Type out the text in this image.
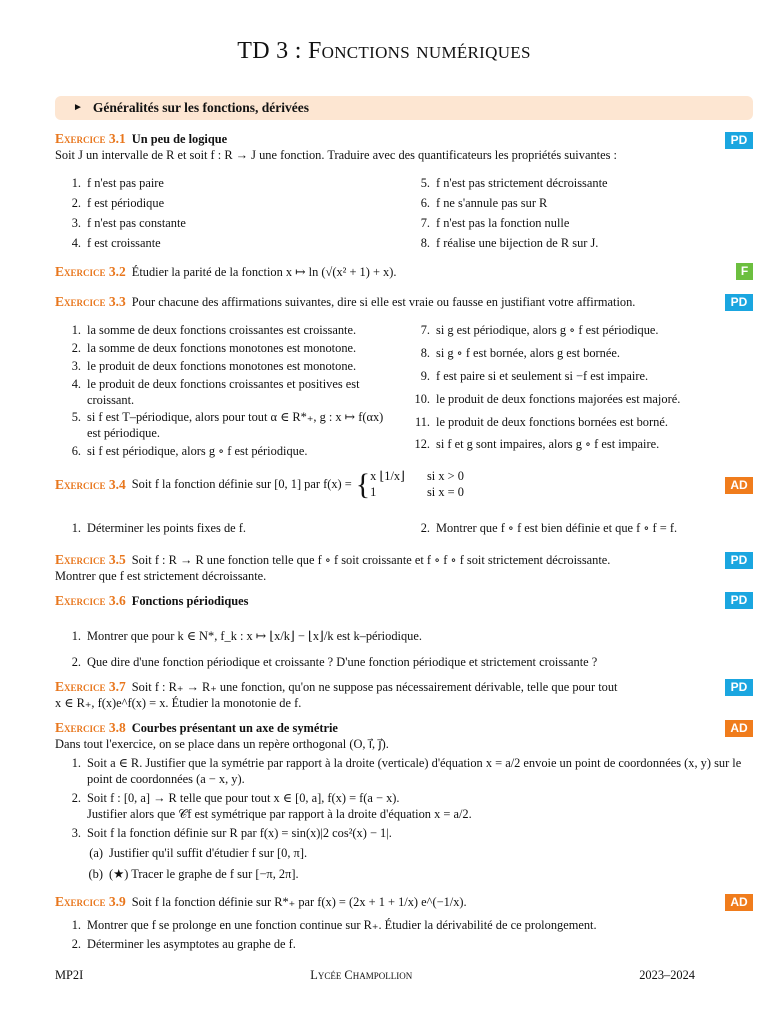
TD 3 : Fonctions numériques
► Généralités sur les fonctions, dérivées
Exercice 3.1 Un peu de logique
Soit J un intervalle de R et soit f : R → J une fonction. Traduire avec des quantificateurs les propriétés suivantes :
PD
1. f n'est pas paire
2. f est périodique
3. f n'est pas constante
4. f est croissante
5. f n'est pas strictement décroissante
6. f ne s'annule pas sur R
7. f n'est pas la fonction nulle
8. f réalise une bijection de R sur J.
Exercice 3.2 Étudier la parité de la fonction x ↦ ln (√(x² + 1) + x).	F
Exercice 3.3 Pour chacune des affirmations suivantes, dire si elle est vraie ou fausse en justifiant votre affirmation.	PD
1. la somme de deux fonctions croissantes est croissante.
2. la somme de deux fonctions monotones est monotone.
3. le produit de deux fonctions monotones est monotone.
4. le produit de deux fonctions croissantes et positives est croissant.
5. si f est T–périodique, alors pour tout α ∈ R*₊, g : x ↦ f(αx) est périodique.
6. si f est périodique, alors g ∘ f est périodique.
7. si g est périodique, alors g ∘ f est périodique.
8. si g ∘ f est bornée, alors g est bornée.
9. f est paire si et seulement si −f est impaire.
10. le produit de deux fonctions majorées est majoré.
11. le produit de deux fonctions bornées est borné.
12. si f et g sont impaires, alors g ∘ f est impaire.
Exercice 3.4 Soit f la fonction définie sur [0, 1] par f(x) = { x ⌊1/x⌋ si x > 0
1	si x = 0	AD
1. Déterminer les points fixes de f.	2. Montrer que f ∘ f est bien définie et que f ∘ f = f.
Exercice 3.5 Soit f : R → R une fonction telle que f ∘ f soit croissante et f ∘ f ∘ f soit strictement décroissante.
Montrer que f est strictement décroissante.
PD
Exercice 3.6 Fonctions périodiques	PD
1. Montrer que pour k ∈ N*, f_k : x ↦ ⌊x/k⌋ − ⌊x⌋/k est k–périodique.
2. Que dire d'une fonction périodique et croissante ? D'une fonction périodique et strictement croissante ?
Exercice 3.7 Soit f : R₊ → R₊ une fonction, qu'on ne suppose pas nécessairement dérivable, telle que pour tout
x ∈ R₊, f(x)e^f(x) = x. Étudier la monotonie de f.
PD
Exercice 3.8 Courbes présentant un axe de symétrie
Dans tout l'exercice, on se place dans un repère orthogonal (O, i⃗, j⃗).
AD
1. Soit a ∈ R. Justifier que la symétrie par rapport à la droite (verticale) d'équation x = a/2 envoie un point de coordonnées (x, y) sur le point de coordonnées (a − x, y).
2. Soit f : [0, a] → R telle que pour tout x ∈ [0, a], f(x) = f(a − x).
Justifier alors que 𝒞f est symétrique par rapport à la droite d'équation x = a/2.
3. Soit f la fonction définie sur R par f(x) = sin(x)|2 cos²(x) − 1|.
(a) Justifier qu'il suffit d'étudier f sur [0, π].
(b) (★) Tracer le graphe de f sur [−π, 2π].
Exercice 3.9 Soit f la fonction définie sur R*₊ par f(x) = (2x + 1 + 1/x) e^(−1/x).	AD
1. Montrer que f se prolonge en une fonction continue sur R₊. Étudier la dérivabilité de ce prolongement.
2. Déterminer les asymptotes au graphe de f.
MP2I	Lycée Champollion	2023–2024
